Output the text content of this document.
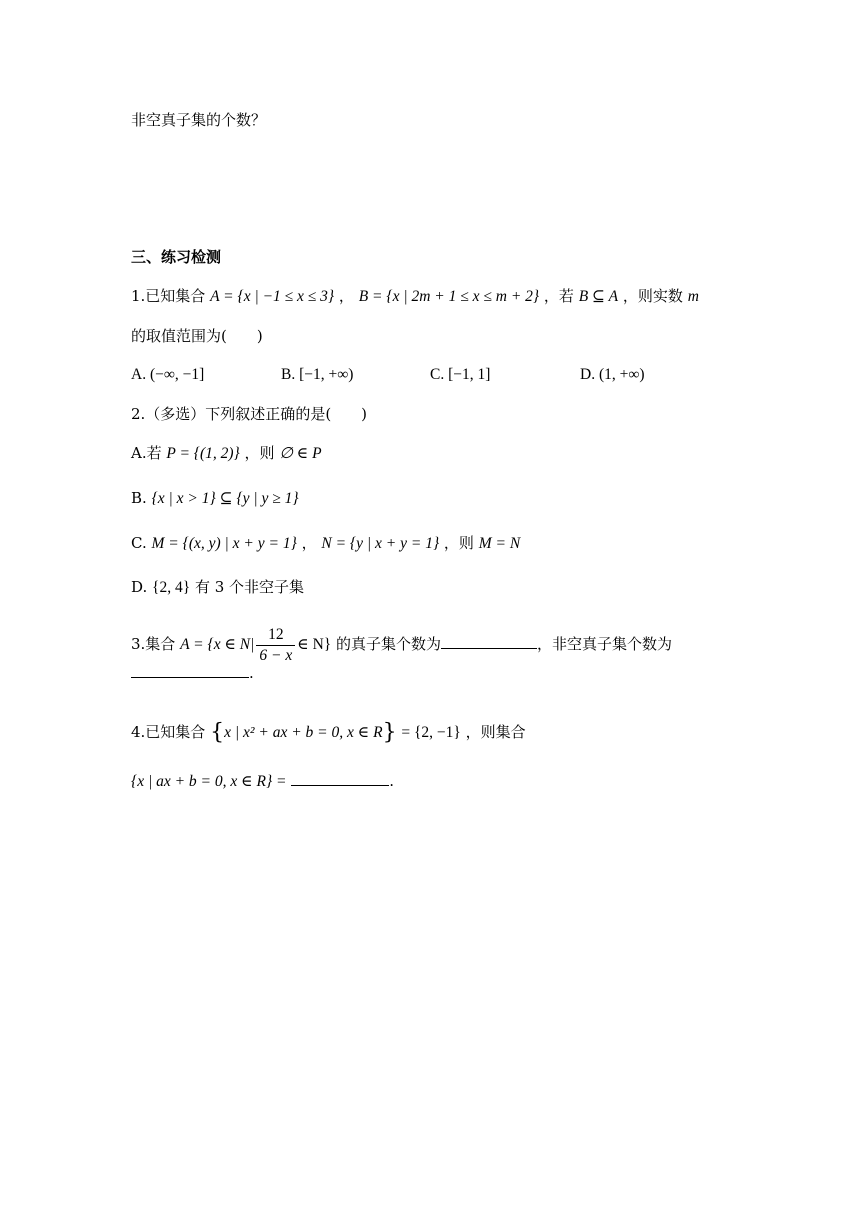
非空真子集的个数？
三、练习检测
1.已知集合 A = {x | −1 ≤ x ≤ 3} ， B = {x | 2m + 1 ≤ x ≤ m + 2} ，若 B ⊆ A ，则实数 m
的取值范围为(　　)
A. (−∞, −1]	B. [−1, +∞)	C. [−1, 1]	D. (1, +∞)
2.（多选）下列叙述正确的是(　　)
A.若 P = {(1, 2)} ，则 ∅ ∈ P
B. {x | x > 1} ⊆ {y | y ≥ 1}
C. M = {(x, y) | x + y = 1} ， N = {y | x + y = 1} ，则 M = N
D. {2, 4} 有 3 个非空子集
3.集合 A = {x ∈ $N| \frac{12}{6 - x}$ ∈ N} 的真子集个数为	，非空真子集个数为
.
4.已知集合 {x | x² + ax + b = 0, x ∈ R} = {2, −1} ，则集合
{x | ax + b = 0, x ∈ R} =	.
